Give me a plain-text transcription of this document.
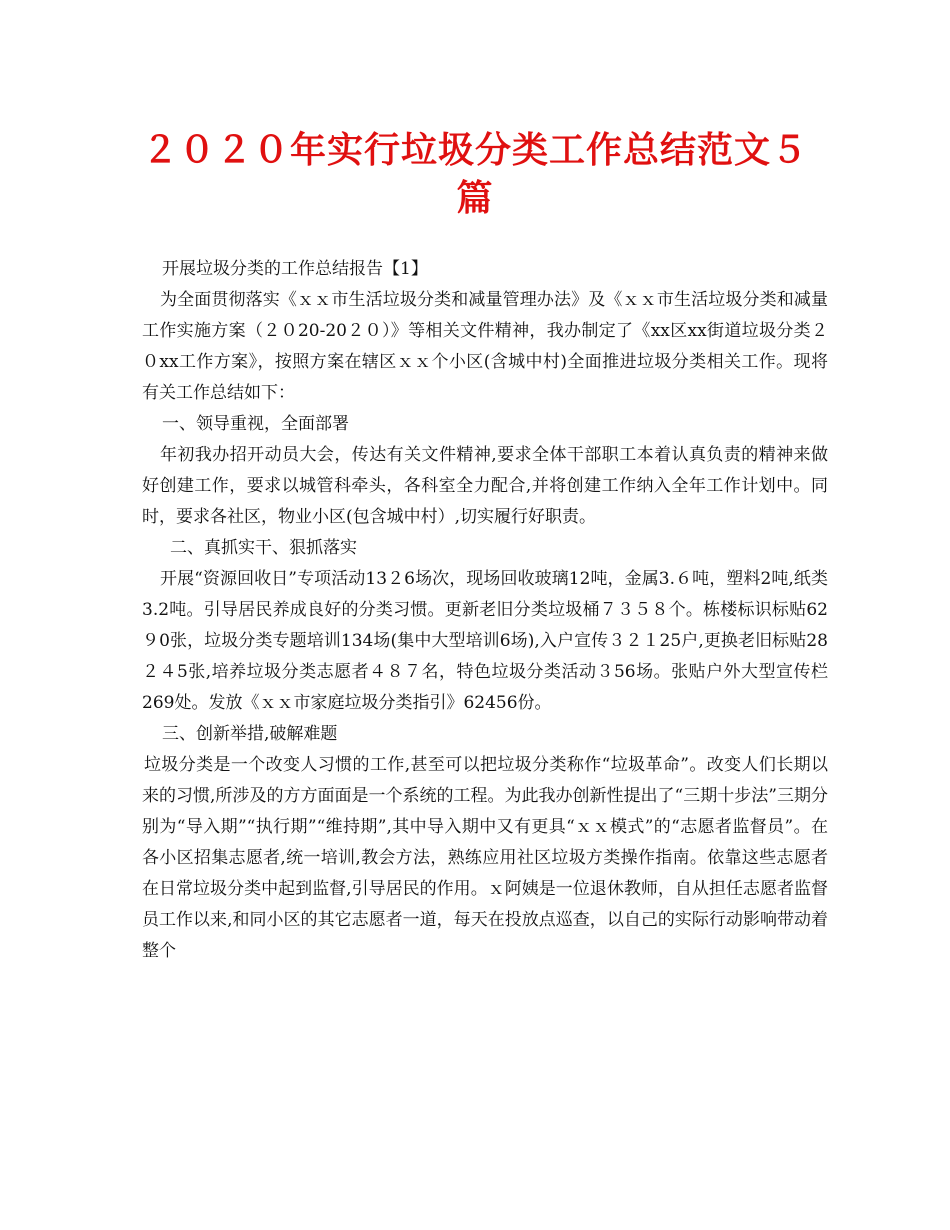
２０２０年实行垃圾分类工作总结范文５篇

开展垃圾分类的工作总结报告【1】

为全面贯彻落实《ｘｘ市生活垃圾分类和减量管理办法》及《ｘｘ市生活垃圾分类和减量工作实施方案（２０20-20２０）》等相关文件精神，我办制定了《xx区xx街道垃圾分类２０xx工作方案》，按照方案在辖区ｘｘ个小区(含城中村)全面推进垃圾分类相关工作。现将有关工作总结如下：

一、领导重视，全面部署

年初我办招开动员大会，传达有关文件精神,要求全体干部职工本着认真负责的精神来做好创建工作，要求以城管科牵头，各科室全力配合,并将创建工作纳入全年工作计划中。同时，要求各社区，物业小区(包含城中村）,切实履行好职责。

二、真抓实干、狠抓落实

开展“资源回收日”专项活动13２6场次，现场回收玻璃12吨，金属3.６吨，塑料2吨,纸类3.2吨。引导居民养成良好的分类习惯。更新老旧分类垃圾桶７３５８个。栋楼标识标贴62９0张，垃圾分类专题培训134场(集中大型培训6场),入户宣传３２１25户,更换老旧标贴28２４5张,培养垃圾分类志愿者４８７名，特色垃圾分类活动３56场。张贴户外大型宣传栏269处。发放《ｘｘ市家庭垃圾分类指引》62456份。

三、创新举措,破解难题

垃圾分类是一个改变人习惯的工作,甚至可以把垃圾分类称作“垃圾革命”。改变人们长期以来的习惯,所涉及的方方面面是一个系统的工程。为此我办创新性提出了“三期十步法”三期分别为“导入期”“执行期”“维持期”,其中导入期中又有更具“ｘｘ模式”的“志愿者监督员”。在各小区招集志愿者,统一培训,教会方法，熟练应用社区垃圾方类操作指南。依靠这些志愿者在日常垃圾分类中起到监督,引导居民的作用。ｘ阿姨是一位退休教师，自从担任志愿者监督员工作以来,和同小区的其它志愿者一道，每天在投放点巡查，以自己的实际行动影响带动着整个
